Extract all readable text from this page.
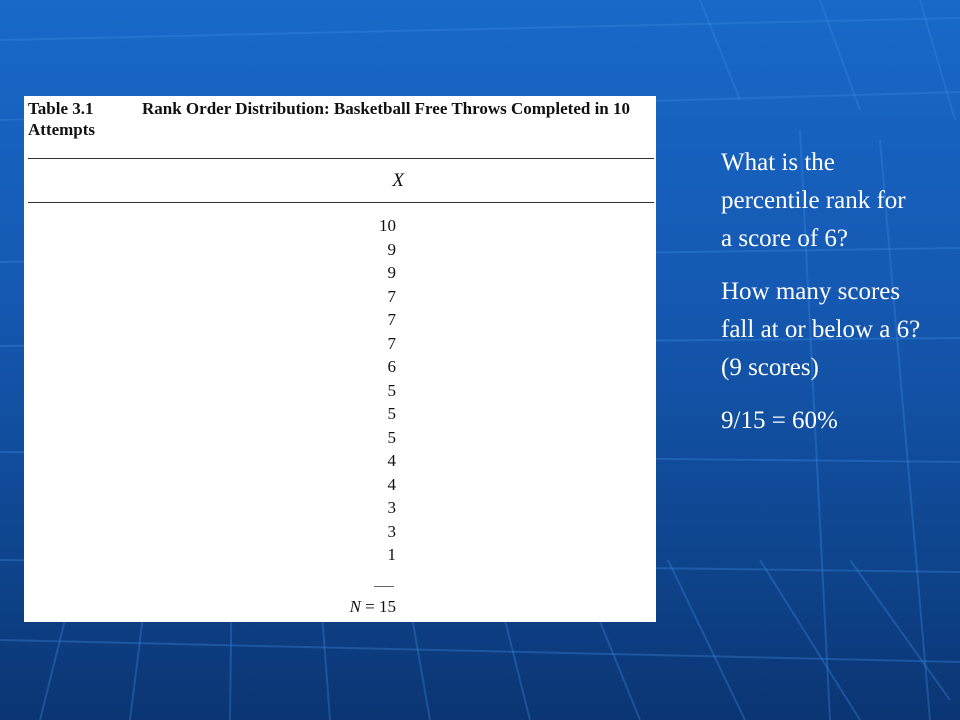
Table 3.1	Rank Order Distribution: Basketball Free Throws Completed in 10 Attempts
X
10
9
9
7
7
7
6
5
5
5
4
4
3
3
1
N = 15

What is the percentile rank for a score of 6?

How many scores fall at or below a 6? (9 scores)

9/15 = 60%
